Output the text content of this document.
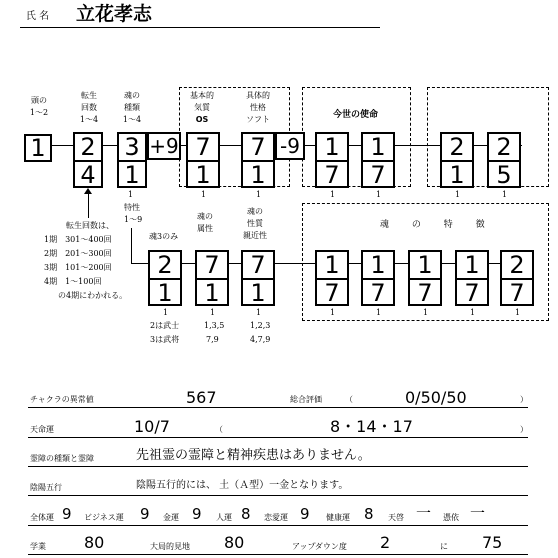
氏 名 立花孝志
頭の
1〜2
転生
回数
1〜4
魂の
種類
1〜4
基本的
気質
OS
具体的
性格
ソフト	今世の使命
1 2
4
3
1
+9 7
1
7
1
-9	1
7
1
7
2
1
2
5
1	1	1	1	1	1	1
特性
1〜9
転生回数は、
1期　301〜400回
2期　201〜300回
3期　101〜200回
4期　1〜100回
の4期にわかれる。
魂3のみ
魂の
属性
魂の
性質
親近性
魂 の 特 徴
2
1
7
1
7
1
1
7
1
7
1
7
1
7
2
7
1	1	1	1	1	1	1	1
2は武士
3は武将
1,3,5
7,9
1,2,3
4,7,9
チャクラの異常値	567	総合評価	（	0/50/50	）
天命運	10/7	（	8・14・17	）
霊障の種類と霊障	先祖霊の霊障と精神疾患はありません。
陰陽五行	陰陽五行的には、 土（Ａ型）一金となります。
全体運 9 ビジネス運 9 金運 9 人運 8 恋愛運 9 健康運 8 天啓 一 憑依 一
学業 80	大局的見地 80	アップダウン度 2	に 75
